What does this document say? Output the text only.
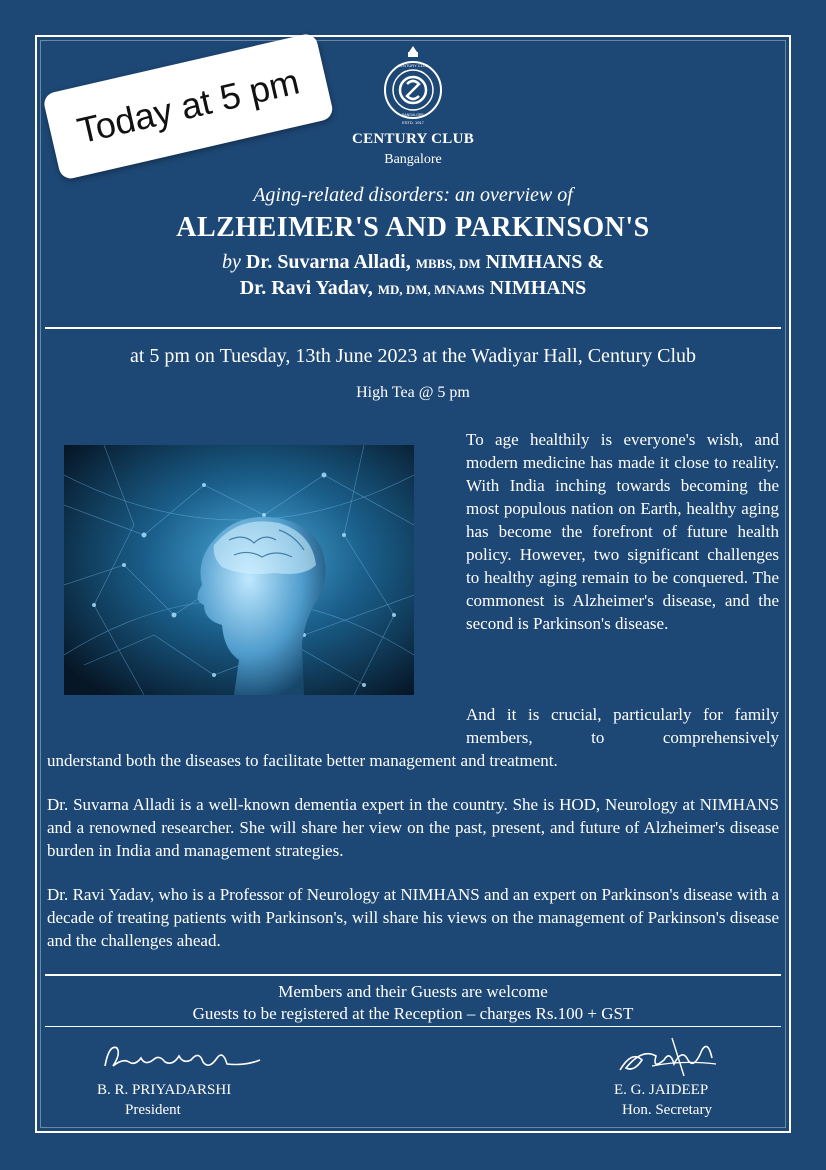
CENTURY CLUB
BANGALORE
ESTD. 1917
CENTURY CLUB
Bangalore
Aging-related disorders: an overview of
ALZHEIMER'S AND PARKINSON'S
by Dr. Suvarna Alladi, MBBS, DM NIMHANS &
Dr. Ravi Yadav, MD, DM, MNAMS NIMHANS
at 5 pm on Tuesday, 13th June 2023 at the Wadiyar Hall, Century Club
High Tea @ 5 pm
To age healthily is everyone's wish, and modern medicine has made it close to reality. With India inching towards becoming the most populous nation on Earth, healthy aging has become the forefront of future health policy. However, two significant challenges to healthy aging remain to be conquered. The commonest is Alzheimer's disease, and the second is Parkinson's disease.
And it is crucial, particularly for family members, to comprehensively
understand both the diseases to facilitate better management and treatment.
Dr. Suvarna Alladi is a well-known dementia expert in the country. She is HOD, Neurology at NIMHANS and a renowned researcher. She will share her view on the past, present, and future of Alzheimer's disease burden in India and management strategies.
Dr. Ravi Yadav, who is a Professor of Neurology at NIMHANS and an expert on Parkinson's disease with a decade of treating patients with Parkinson's, will share his views on the management of Parkinson's disease and the challenges ahead.
Members and their Guests are welcome
Guests to be registered at the Reception – charges Rs.100 + GST
B. R. PRIYADARSHI
President
E. G. JAIDEEP
Hon. Secretary
Today at 5 pm
